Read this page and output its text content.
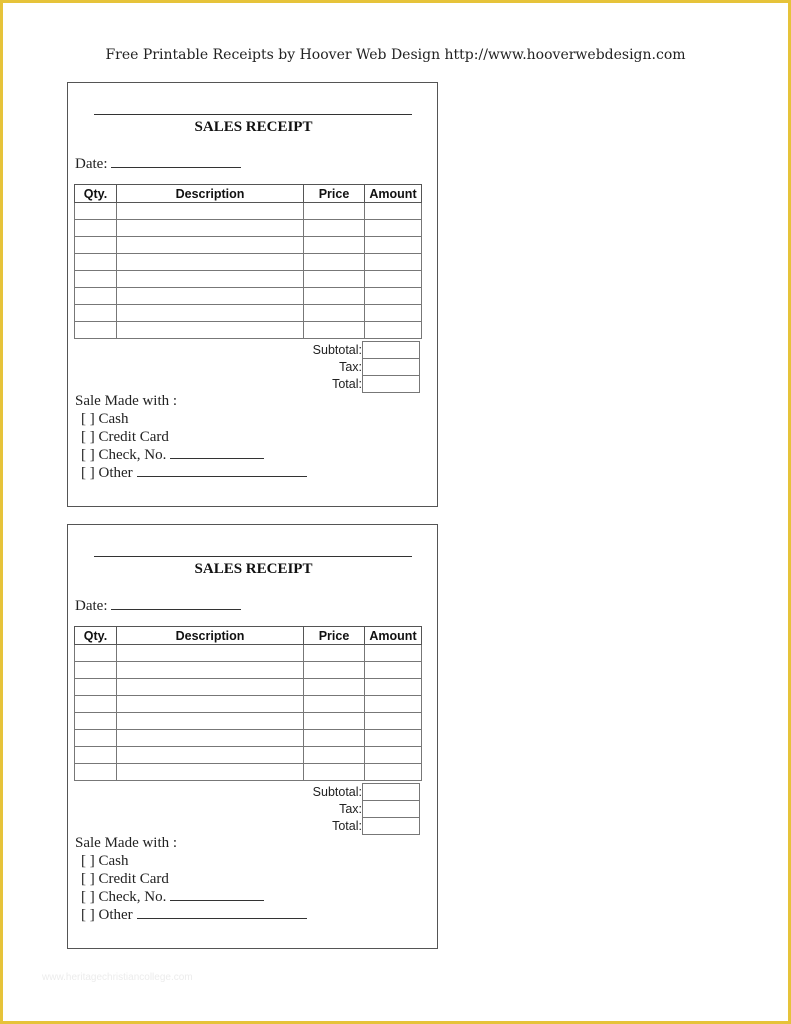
Free Printable Receipts by Hoover Web Design http://www.hooverwebdesign.com
SALES RECEIPT
Date:
Qty.	Description	Price	Amount

Subtotal:	
Tax:	
Total:	
Sale Made with :
[ ] Cash
[ ] Credit Card
[ ] Check, No.
[ ] Other
SALES RECEIPT
Date:
Qty.	Description	Price	Amount

Subtotal:	
Tax:	
Total:	
Sale Made with :
[ ] Cash
[ ] Credit Card
[ ] Check, No.
[ ] Other
www.heritagechristiancollege.com
